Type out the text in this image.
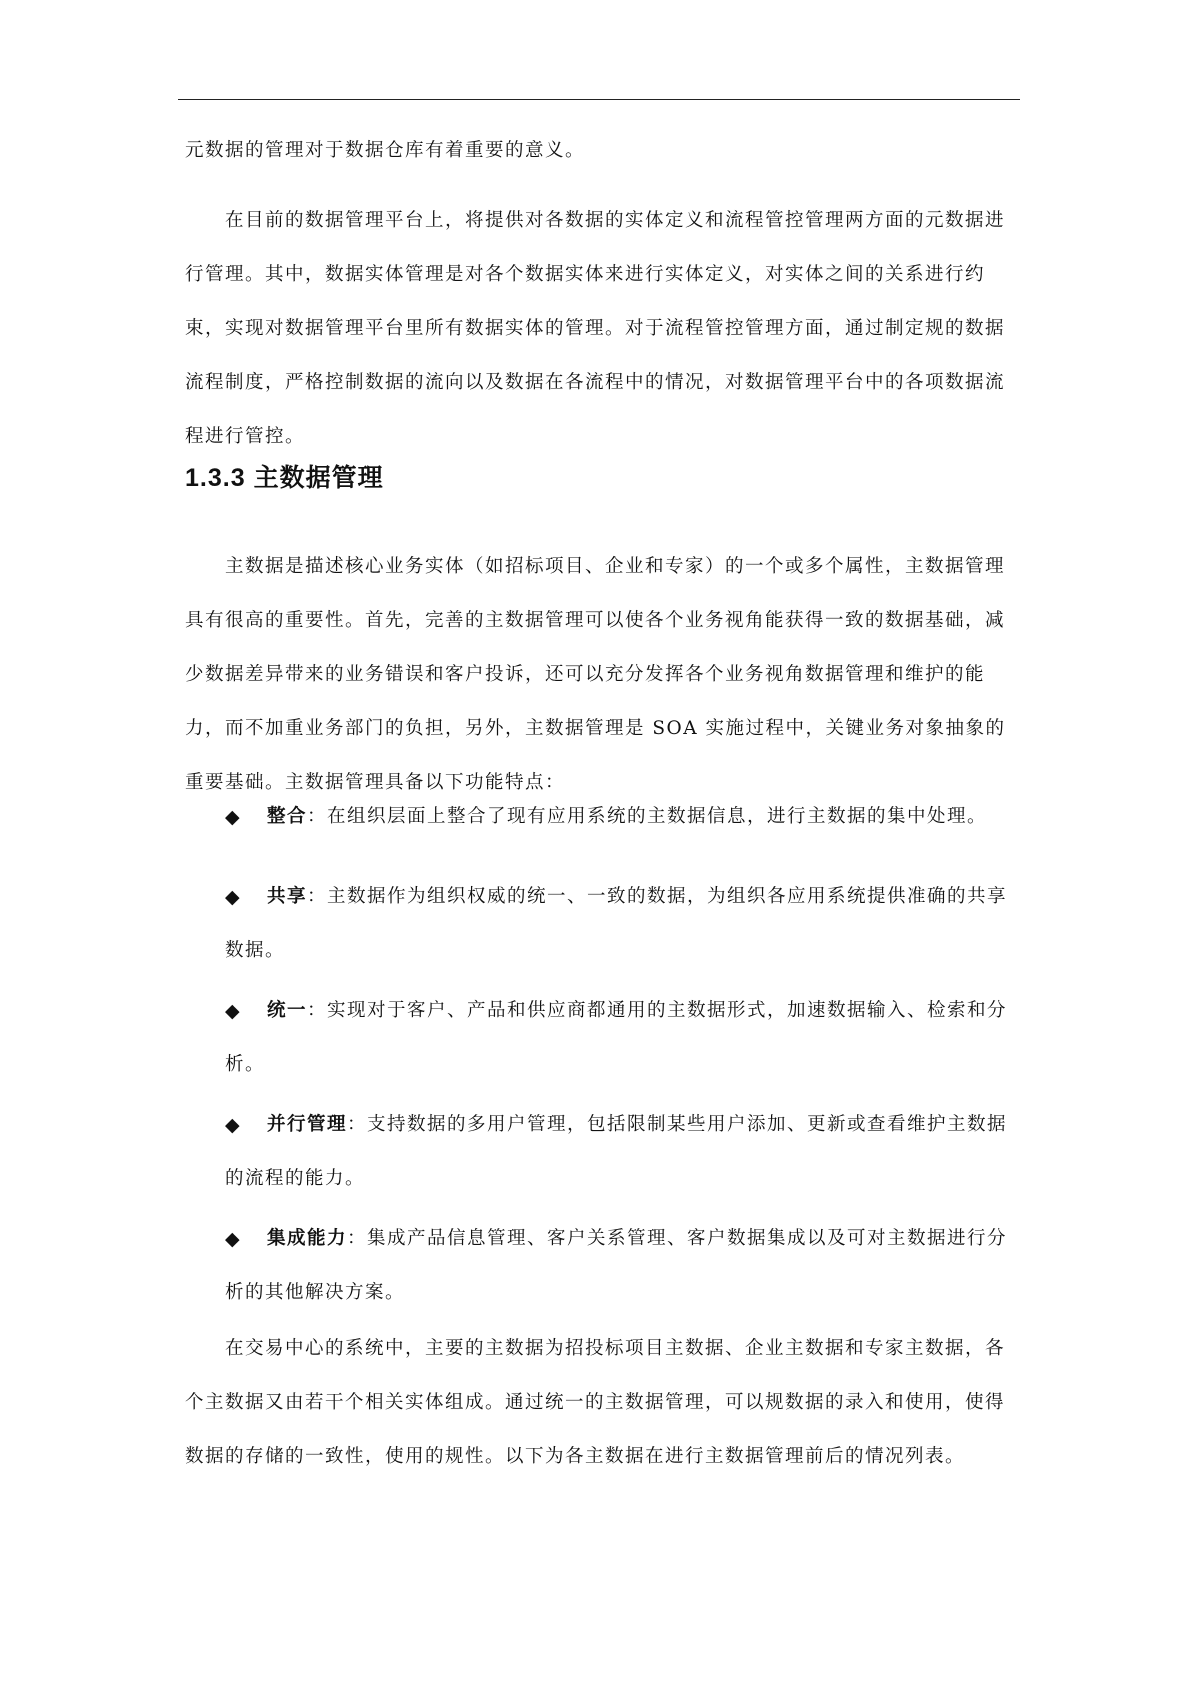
元数据的管理对于数据仓库有着重要的意义。
在目前的数据管理平台上，将提供对各数据的实体定义和流程管控管理两方面的元数据进行管理。其中，数据实体管理是对各个数据实体来进行实体定义，对实体之间的关系进行约束，实现对数据管理平台里所有数据实体的管理。对于流程管控管理方面，通过制定规的数据流程制度，严格控制数据的流向以及数据在各流程中的情况，对数据管理平台中的各项数据流程进行管控。
1.3.3 主数据管理
主数据是描述核心业务实体（如招标项目、企业和专家）的一个或多个属性，主数据管理具有很高的重要性。首先，完善的主数据管理可以使各个业务视角能获得一致的数据基础，减少数据差异带来的业务错误和客户投诉，还可以充分发挥各个业务视角数据管理和维护的能力，而不加重业务部门的负担，另外，主数据管理是 SOA 实施过程中，关键业务对象抽象的重要基础。主数据管理具备以下功能特点：
◆	整合：在组织层面上整合了现有应用系统的主数据信息，进行主数据的集中处理。
◆	共享：主数据作为组织权威的统一、一致的数据，为组织各应用系统提供准确的共享数据。
◆	统一：实现对于客户、产品和供应商都通用的主数据形式，加速数据输入、检索和分析。
◆	并行管理：支持数据的多用户管理，包括限制某些用户添加、更新或查看维护主数据的流程的能力。
◆	集成能力：集成产品信息管理、客户关系管理、客户数据集成以及可对主数据进行分析的其他解决方案。
在交易中心的系统中，主要的主数据为招投标项目主数据、企业主数据和专家主数据，各个主数据又由若干个相关实体组成。通过统一的主数据管理，可以规数据的录入和使用，使得数据的存储的一致性，使用的规性。以下为各主数据在进行主数据管理前后的情况列表。
